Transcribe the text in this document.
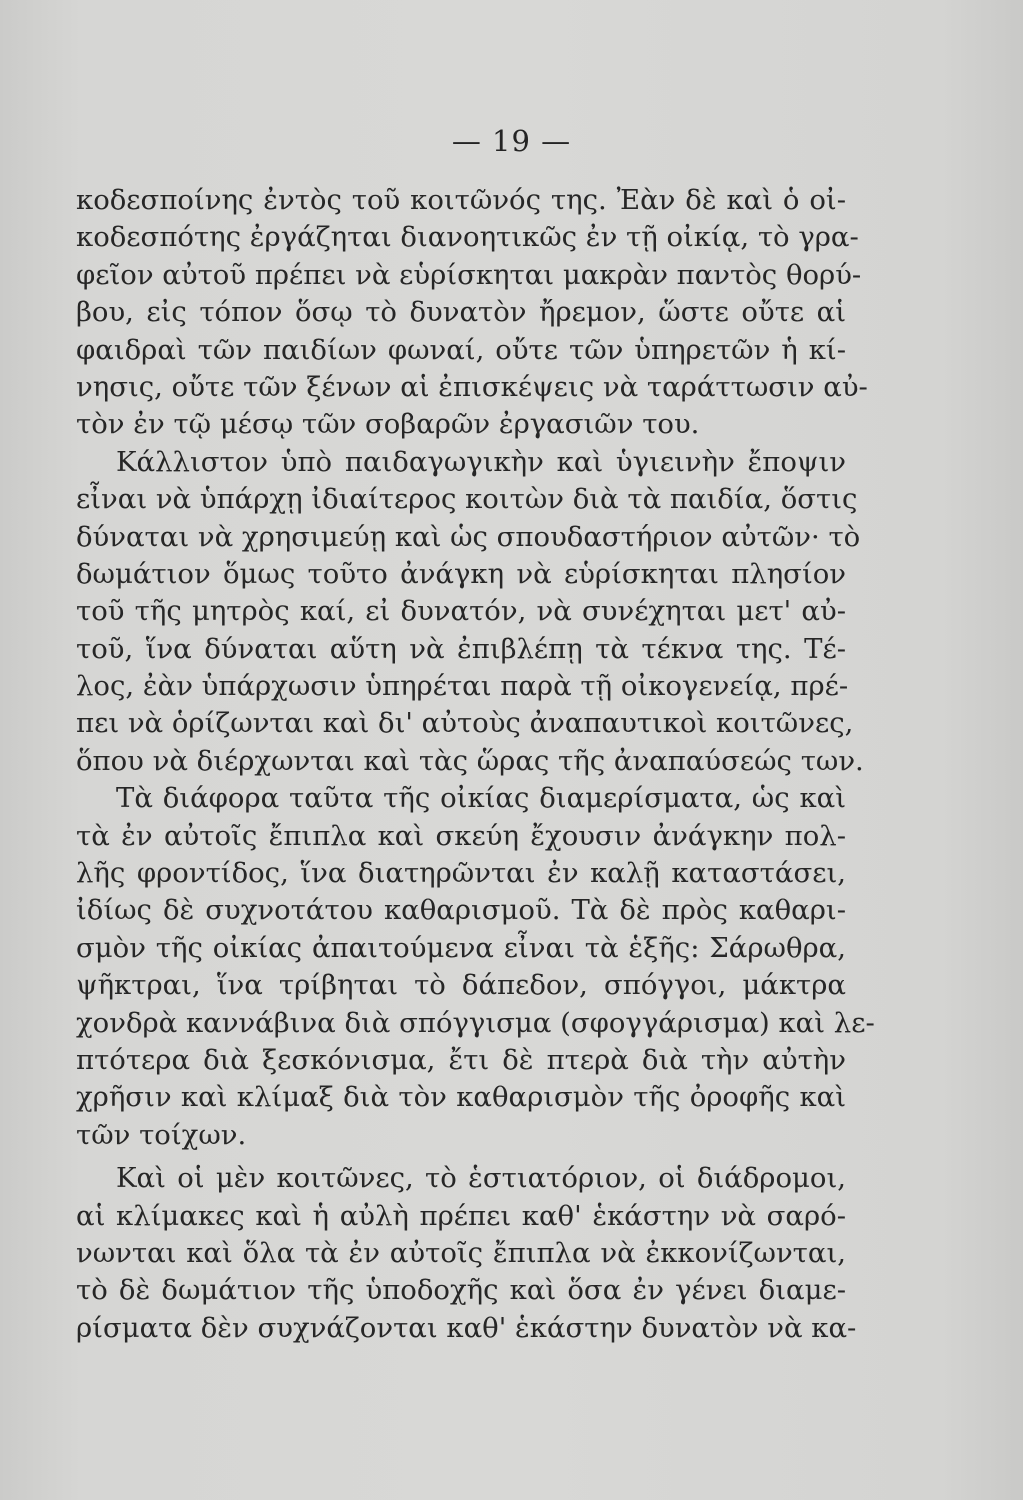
— 19 —
κοδεσποίνης ἐντὸς τοῦ κοιτῶνός της. Ἐὰν δὲ καὶ ὁ οἰ-
κοδεσπότης ἐργάζηται διανοητικῶς ἐν τῇ οἰκίᾳ, τὸ γρα-
φεῖον αὐτοῦ πρέπει νὰ εὑρίσκηται μακρὰν παντὸς θορύ-
βου, εἰς τόπον ὅσῳ τὸ δυνατὸν ἤρεμον, ὥστε οὔτε αἱ
φαιδραὶ τῶν παιδίων φωναί, οὔτε τῶν ὑπηρετῶν ἡ κί-
νησις, οὔτε τῶν ξένων αἱ ἐπισκέψεις νὰ ταράττωσιν αὐ-
τὸν ἐν τῷ μέσῳ τῶν σοβαρῶν ἐργασιῶν του.
Κάλλιστον ὑπὸ παιδαγωγικὴν καὶ ὑγιεινὴν ἔποψιν
εἶναι νὰ ὑπάρχῃ ἰδιαίτερος κοιτὼν διὰ τὰ παιδία, ὅστις
δύναται νὰ χρησιμεύῃ καὶ ὡς σπουδαστήριον αὐτῶν· τὸ
δωμάτιον ὅμως τοῦτο ἀνάγκη νὰ εὑρίσκηται πλησίον
τοῦ τῆς μητρὸς καί, εἰ δυνατόν, νὰ συνέχηται μετ' αὐ-
τοῦ, ἵνα δύναται αὕτη νὰ ἐπιβλέπῃ τὰ τέκνα της. Τέ-
λος, ἐὰν ὑπάρχωσιν ὑπηρέται παρὰ τῇ οἰκογενείᾳ, πρέ-
πει νὰ ὁρίζωνται καὶ δι' αὐτοὺς ἀναπαυτικοὶ κοιτῶνες,
ὅπου νὰ διέρχωνται καὶ τὰς ὥρας τῆς ἀναπαύσεώς των.
Τὰ διάφορα ταῦτα τῆς οἰκίας διαμερίσματα, ὡς καὶ
τὰ ἐν αὐτοῖς ἔπιπλα καὶ σκεύη ἔχουσιν ἀνάγκην πολ-
λῆς φροντίδος, ἵνα διατηρῶνται ἐν καλῇ καταστάσει,
ἰδίως δὲ συχνοτάτου καθαρισμοῦ. Τὰ δὲ πρὸς καθαρι-
σμὸν τῆς οἰκίας ἀπαιτούμενα εἶναι τὰ ἑξῆς: Σάρωθρα,
ψῆκτραι, ἵνα τρίβηται τὸ δάπεδον, σπόγγοι, μάκτρα
χονδρὰ καννάβινα διὰ σπόγγισμα (σφογγάρισμα) καὶ λε-
πτότερα διὰ ξεσκόνισμα, ἔτι δὲ πτερὰ διὰ τὴν αὐτὴν
χρῆσιν καὶ κλίμαξ διὰ τὸν καθαρισμὸν τῆς ὀροφῆς καὶ
τῶν τοίχων.
Καὶ οἱ μὲν κοιτῶνες, τὸ ἑστιατόριον, οἱ διάδρομοι,
αἱ κλίμακες καὶ ἡ αὐλὴ πρέπει καθ' ἑκάστην νὰ σαρό-
νωνται καὶ ὅλα τὰ ἐν αὐτοῖς ἔπιπλα νὰ ἐκκονίζωνται,
τὸ δὲ δωμάτιον τῆς ὑποδοχῆς καὶ ὅσα ἐν γένει διαμε-
ρίσματα δὲν συχνάζονται καθ' ἑκάστην δυνατὸν νὰ κα-
